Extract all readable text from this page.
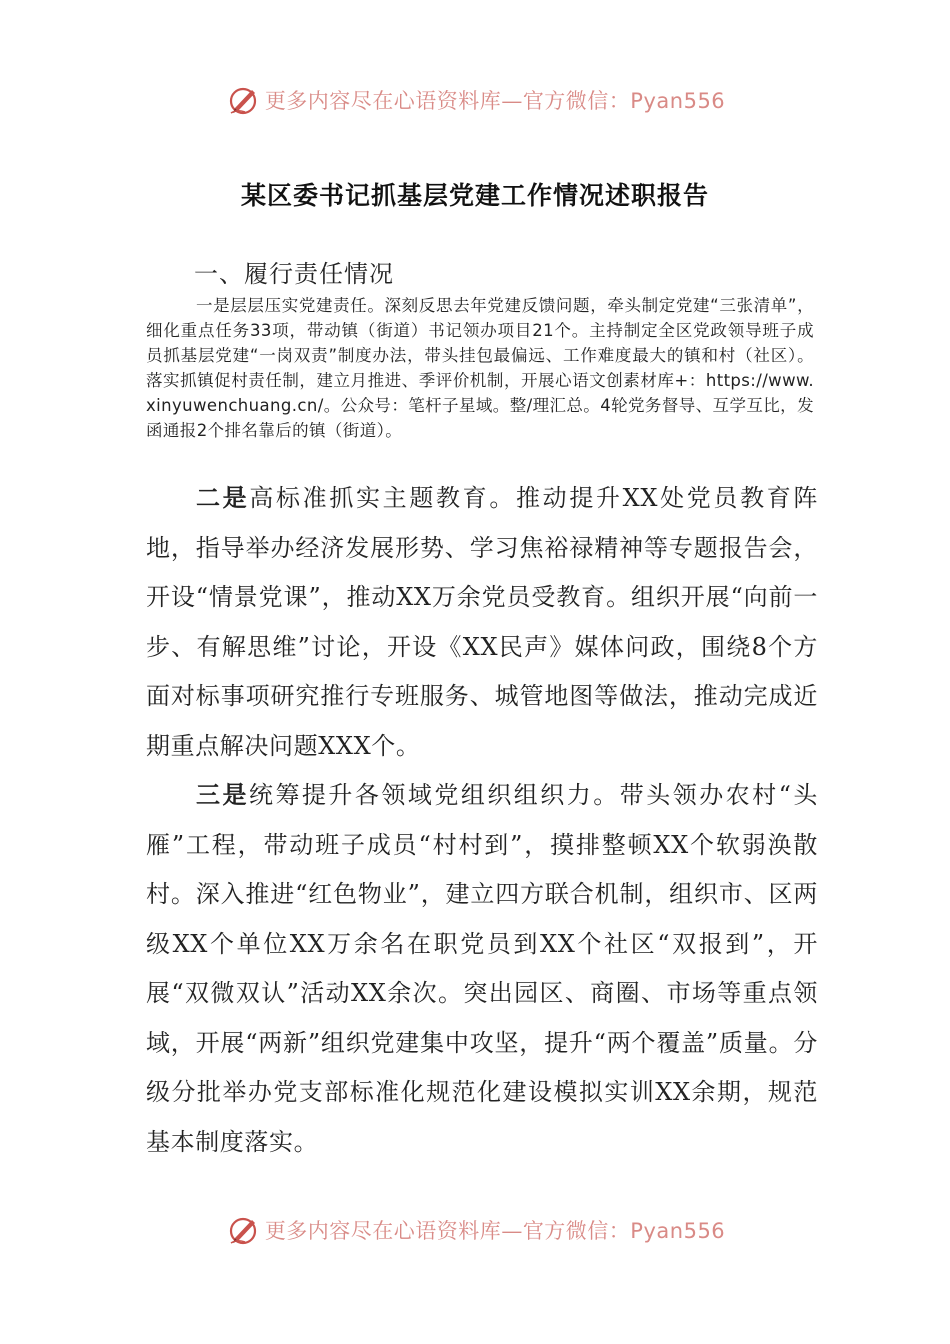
更多内容尽在心语资料库—官方微信：Pyan556
某区委书记抓基层党建工作情况述职报告
一、履行责任情况
一是层层压实党建责任。深刻反思去年党建反馈问题，牵头制定党建“三张清单”，细化重点任务33项，带动镇（街道）书记领办项目21个。主持制定全区党政领导班子成员抓基层党建“一岗双责”制度办法，带头挂包最偏远、工作难度最大的镇和村（社区）。落实抓镇促村责任制，建立月推进、季评价机制，开展心语文创素材库+：https://www.xinyuwenchuang.cn/。公众号：笔杆子星域。整/理汇总。4轮党务督导、互学互比，发函通报2个排名靠后的镇（街道）。
二是高标准抓实主题教育。推动提升XX处党员教育阵地，指导举办经济发展形势、学习焦裕禄精神等专题报告会，开设“情景党课”，推动XX万余党员受教育。组织开展“向前一步、有解思维”讨论，开设《XX民声》媒体问政，围绕8个方面对标事项研究推行专班服务、城管地图等做法，推动完成近期重点解决问题XXX个。
三是统筹提升各领域党组织组织力。带头领办农村“头雁”工程，带动班子成员“村村到”，摸排整顿XX个软弱涣散村。深入推进“红色物业”，建立四方联合机制，组织市、区两级XX个单位XX万余名在职党员到XX个社区“双报到”，开展“双微双认”活动XX余次。突出园区、商圈、市场等重点领域，开展“两新”组织党建集中攻坚，提升“两个覆盖”质量。分级分批举办党支部标准化规范化建设模拟实训XX余期，规范基本制度落实。
更多内容尽在心语资料库—官方微信：Pyan556
